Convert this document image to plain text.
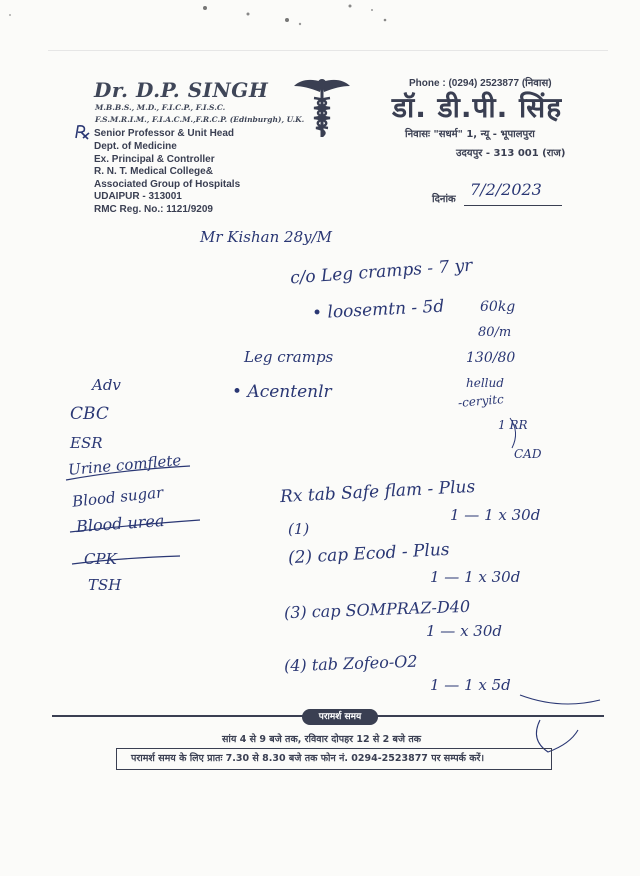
Dr. D.P. SINGH
M.B.B.S., M.D., F.I.C.P., F.I.S.C.
F.S.M.R.I.M., F.I.A.C.M.,F.R.C.P. (Edinburgh), U.K.
Senior Professor & Unit Head
Dept. of Medicine
Ex. Principal & Controller
R. N. T. Medical College&
Associated Group of Hospitals
UDAIPUR - 313001
RMC Reg. No.: 1121/9209
Phone : (0294) 2523877 (निवास)
डॉ. डी.पी. सिंह
निवासः "सधर्म" 1, न्यू - भूपालपुरा
उदयपुर - 313 001 (राज)
दिनांक
7/2/2023
Mr Kishan 28y/M
c/o Leg cramps - 7 yr
• loosemtn - 5d	60kg
80/m
130/80
Leg cramps
• Acentenlr	hellud
-ceryitc
1 RR
CAD
Adv
CBC
ESR
Urine comflete
Blood sugar
Blood urea
CPK
TSH
Rx tab Safe flam - Plus
(1)
1 — 1 x 30d
(2) cap Ecod - Plus
1 — 1 x 30d
(3) cap SOMPRAZ-D40
1 — x 30d
(4) tab Zofeo-O2
1 — 1 x 5d
परामर्श समय
सांय 4 से 9 बजे तक, रविवार दोपहर 12 से 2 बजे तक
परामर्श समय के लिए प्रातः 7.30 से 8.30 बजे तक फोन नं. 0294-2523877 पर सम्पर्क करें।
